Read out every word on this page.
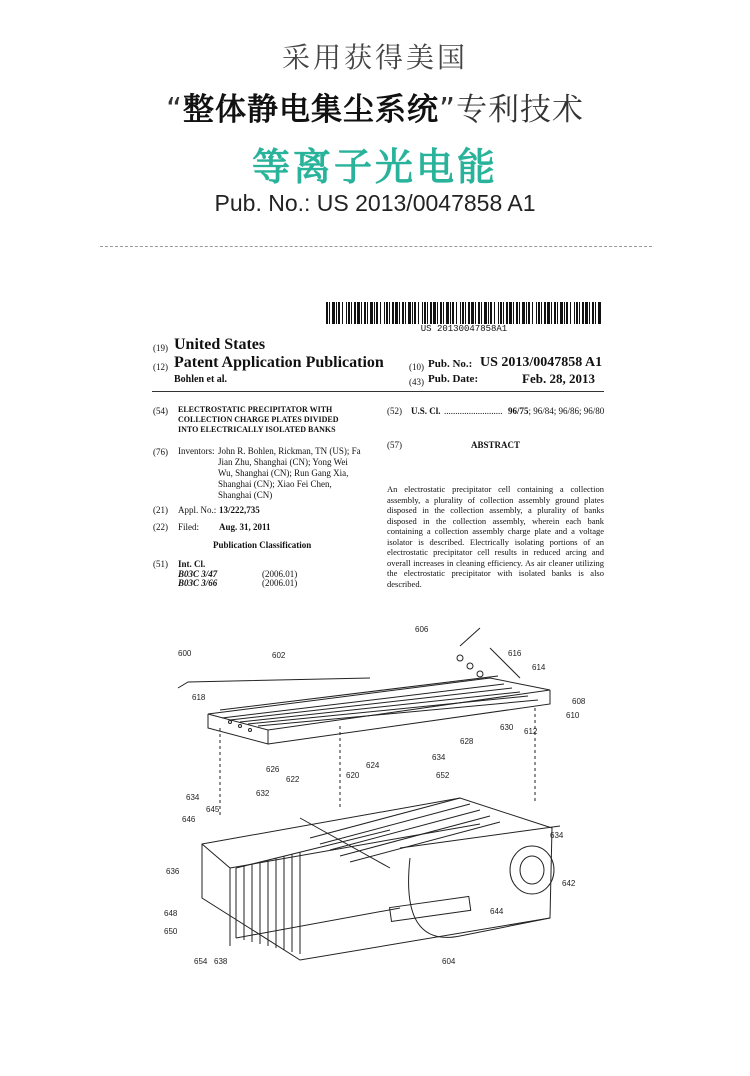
采用获得美国
“整体静电集尘系统”专利技术
等离子光电能
Pub. No.: US 2013/0047858 A1
US 20130047858A1
(19) United States
(12) Patent Application Publication
Bohlen et al.
(10) Pub. No.: US 2013/0047858 A1
(43) Pub. Date:	Feb. 28, 2013
(54) ELECTROSTATIC PRECIPITATOR WITH
COLLECTION CHARGE PLATES DIVIDED
INTO ELECTRICALLY ISOLATED BANKS
(76) Inventors: John R. Bohlen, Rickman, TN (US); Fa
Jian Zhu, Shanghai (CN); Yong Wei
Wu, Shanghai (CN); Run Gang Xia,
Shanghai (CN); Xiao Fei Chen,
Shanghai (CN)
(21) Appl. No.: 13/222,735
(22) Filed: Aug. 31, 2011
Publication Classification
(51) Int. Cl.
B03C 3/47	(2006.01)
B03C 3/66	(2006.01)
(52) U.S. Cl. .......................... 96/75; 96/84; 96/86; 96/80
(57)	ABSTRACT
An electrostatic precipitator cell containing a collection assembly, a plurality of collection assembly ground plates disposed in the collection assembly, a plurality of banks disposed in the collection assembly, wherein each bank containing a collection assembly charge plate and a voltage isolator is described. Electrically isolating portions of an electrostatic precipitator cell results in reduced arcing and overall increases in cleaning efficiency. As air cleaner utilizing the electrostatic precipitator with isolated banks is also described.
600	602
606
616
614
608
610
612
618
630
628
626
620
624
622
634
652
632
634
645
646
634
636
642
644
648
650
654 638	604
